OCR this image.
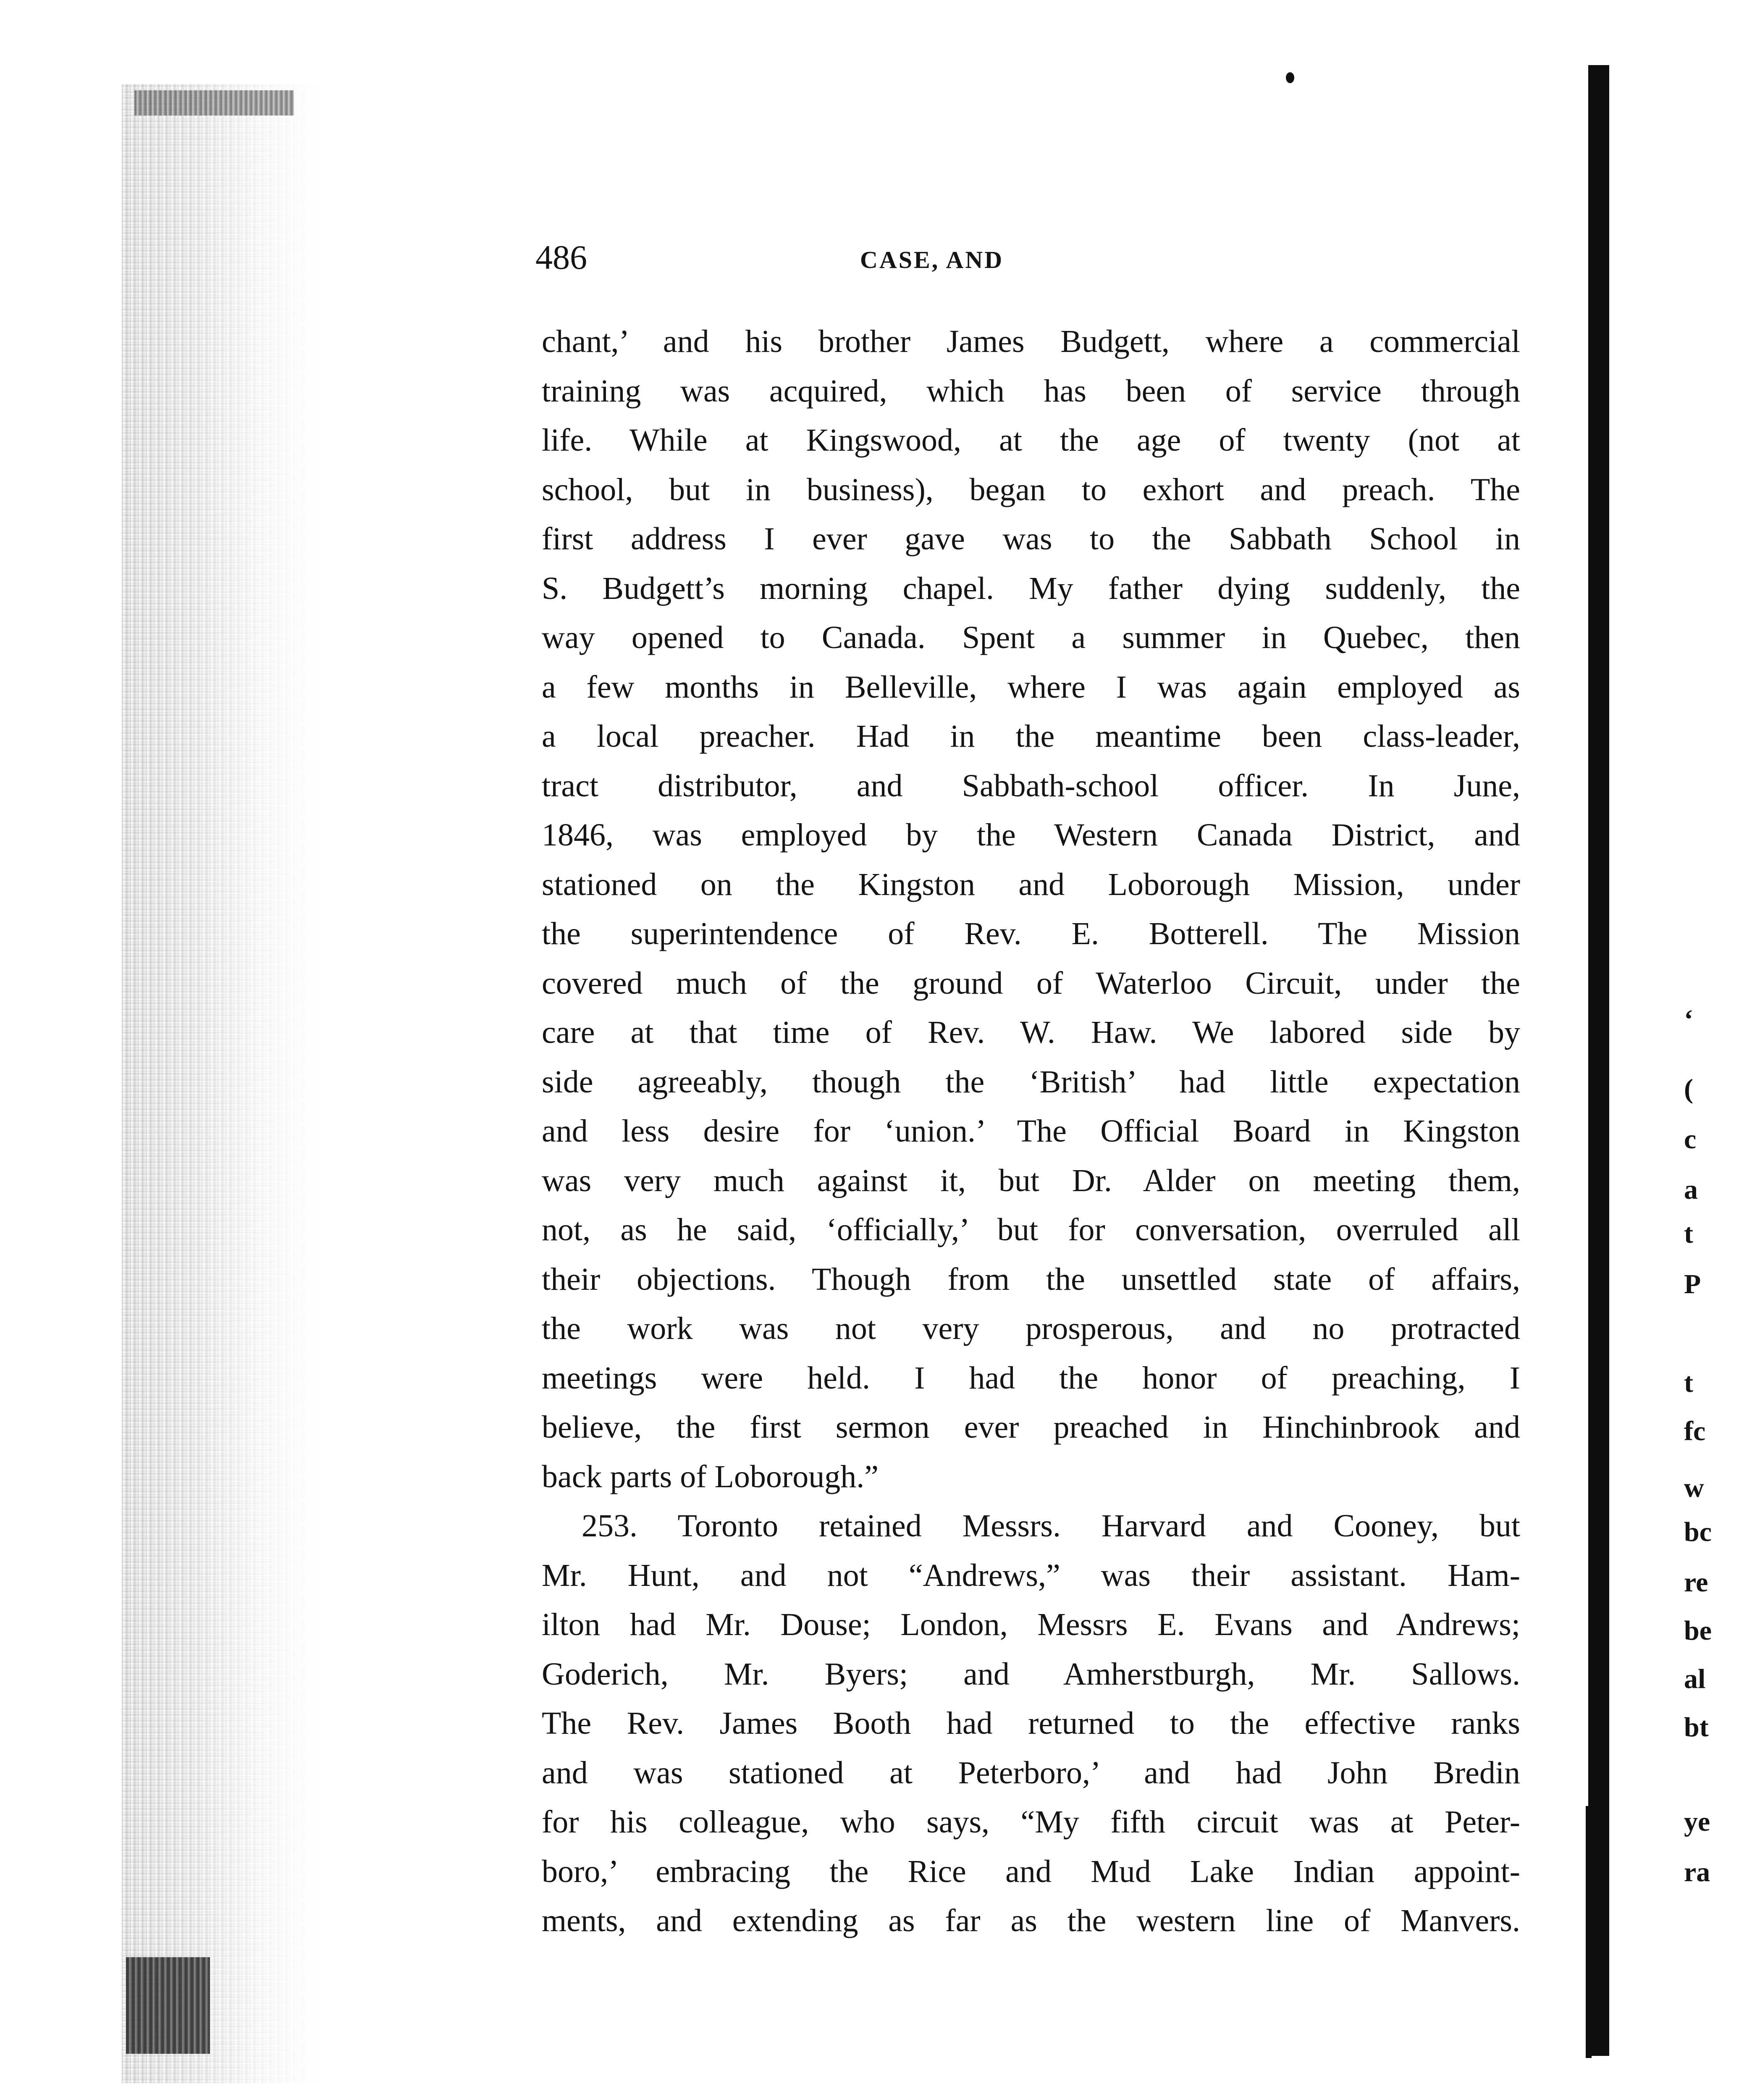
486	CASE, AND
chant,’ and his brother James Budgett, where a commercial
training was acquired, which has been of service through
life. While at Kingswood, at the age of twenty (not at
school, but in business), began to exhort and preach. The
first address I ever gave was to the Sabbath School in
S. Budgett’s morning chapel. My father dying suddenly, the
way opened to Canada. Spent a summer in Quebec, then
a few months in Belleville, where I was again employed as
a local preacher. Had in the meantime been class-leader,
tract distributor, and Sabbath-school officer. In June,
1846, was employed by the Western Canada District, and
stationed on the Kingston and Loborough Mission, under
the superintendence of Rev. E. Botterell. The Mission
covered much of the ground of Waterloo Circuit, under the
care at that time of Rev. W. Haw. We labored side by
side agreeably, though the ‘British’ had little expectation
and less desire for ‘union.’ The Official Board in Kingston
was very much against it, but Dr. Alder on meeting them,
not, as he said, ‘officially,’ but for conversation, overruled all
their objections. Though from the unsettled state of affairs,
the work was not very prosperous, and no protracted
meetings were held. I had the honor of preaching, I
believe, the first sermon ever preached in Hinchinbrook and
back parts of Loborough.”
253. Toronto retained Messrs. Harvard and Cooney, but
Mr. Hunt, and not “Andrews,” was their assistant. Ham-
ilton had Mr. Douse; London, Messrs E. Evans and Andrews;
Goderich, Mr. Byers; and Amherstburgh, Mr. Sallows.
The Rev. James Booth had returned to the effective ranks
and was stationed at Peterboro,’ and had John Bredin
for his colleague, who says, “My fifth circuit was at Peter-
boro,’ embracing the Rice and Mud Lake Indian appoint-
ments, and extending as far as the western line of Manvers.
‘
(
c
a
t
P
t
fc
w
bc
re
be
al
bt
ye
ra
